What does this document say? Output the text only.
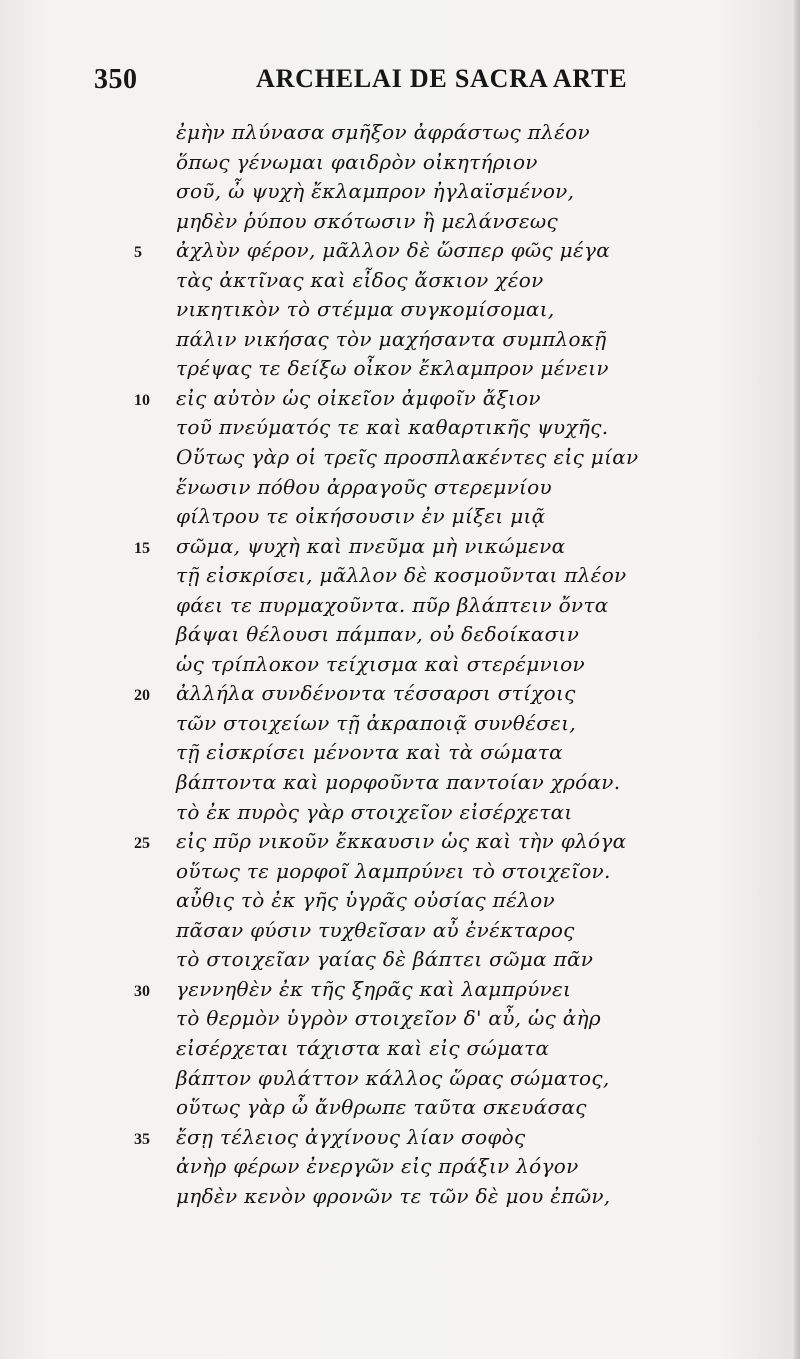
350	ARCHELAI DE SACRA ARTE
ἐμὴν πλύνασα σμῆξον ἀφράστως πλέον
ὅπως γένωμαι φαιδρὸν οἰκητήριον
σοῦ, ὦ ψυχὴ ἔκλαμπρον ἠγλαϊσμένον,
μηδὲν ῥύπου σκότωσιν ἢ μελάνσεως
5	ἀχλὺν φέρον, μᾶλλον δὲ ὥσπερ φῶς μέγα
τὰς ἀκτῖνας καὶ εἶδος ἄσκιον χέον
νικητικὸν τὸ στέμμα συγκομίσομαι,
πάλιν νικήσας τὸν μαχήσαντα συμπλοκῇ
τρέψας τε δείξω οἶκον ἔκλαμπρον μένειν
10	εἰς αὐτὸν ὡς οἰκεῖον ἀμφοῖν ἄξιον
τοῦ πνεύματός τε καὶ καθαρτικῆς ψυχῆς.
Οὕτως γὰρ οἱ τρεῖς προσπλακέντες εἰς μίαν
ἕνωσιν πόθου ἀρραγοῦς στερεμνίου
φίλτρου τε οἰκήσουσιν ἐν μίξει μιᾷ
15	σῶμα, ψυχὴ καὶ πνεῦμα μὴ νικώμενα
τῇ εἰσκρίσει, μᾶλλον δὲ κοσμοῦνται πλέον
φάει τε πυρμαχοῦντα. πῦρ βλάπτειν ὄντα
βάψαι θέλουσι πάμπαν, οὐ δεδοίκασιν
ὡς τρίπλοκον τείχισμα καὶ στερέμνιον
20	ἀλλήλα συνδένοντα τέσσαρσι στίχοις
τῶν στοιχείων τῇ ἀκραποιᾷ συνθέσει,
τῇ εἰσκρίσει μένοντα καὶ τὰ σώματα
βάπτοντα καὶ μορφοῦντα παντοίαν χρόαν.
τὸ ἐκ πυρὸς γὰρ στοιχεῖον εἰσέρχεται
25	εἰς πῦρ νικοῦν ἔκκαυσιν ὡς καὶ τὴν φλόγα
οὕτως τε μορφοῖ λαμπρύνει τὸ στοιχεῖον.
αὖθις τὸ ἐκ γῆς ὑγρᾶς οὐσίας πέλον
πᾶσαν φύσιν τυχθεῖσαν αὖ ἐνέκταρος
τὸ στοιχεῖαν γαίας δὲ βάπτει σῶμα πᾶν
30	γεννηθὲν ἐκ τῆς ξηρᾶς καὶ λαμπρύνει
τὸ θερμὸν ὑγρὸν στοιχεῖον δ' αὖ, ὡς ἀὴρ
εἰσέρχεται τάχιστα καὶ εἰς σώματα
βάπτον φυλάττον κάλλος ὥρας σώματος,
οὕτως γὰρ ὦ ἄνθρωπε ταῦτα σκευάσας
35	ἔσῃ τέλειος ἀγχίνους λίαν σοφὸς
ἀνὴρ φέρων ἐνεργῶν εἰς πράξιν λόγον
μηδὲν κενὸν φρονῶν τε τῶν δὲ μου ἐπῶν,
